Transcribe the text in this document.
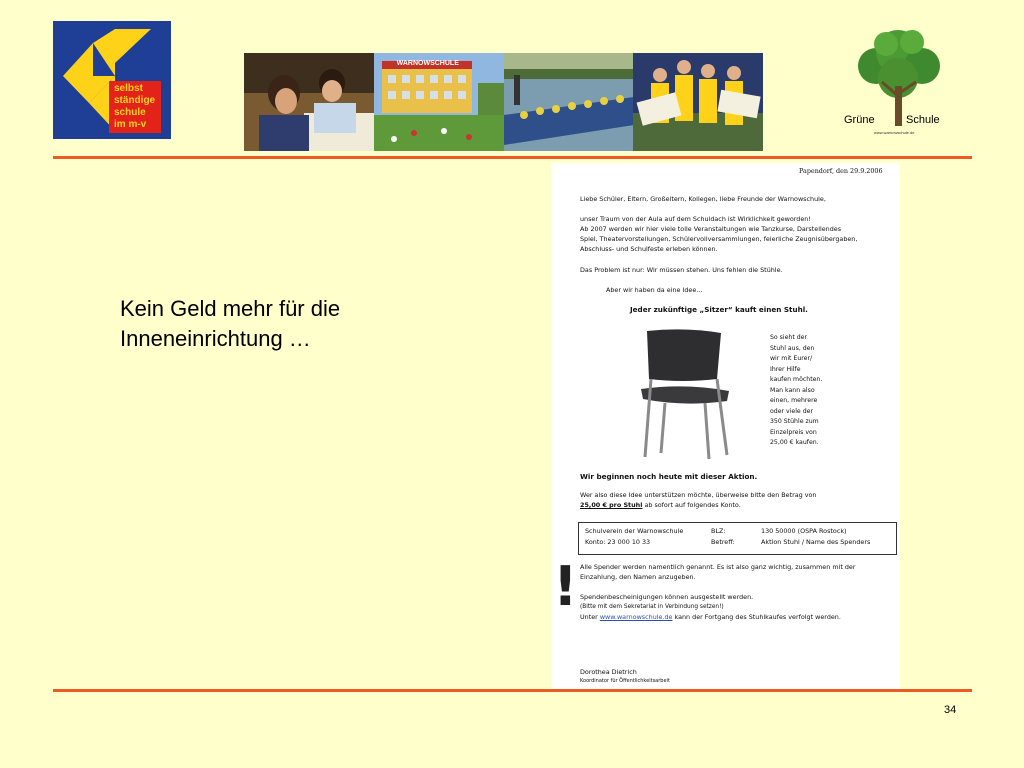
selbst
ständige
schule
im m-v
WARNOWSCHULE
Grüne	Schule
www.warnowschule.de
Kein Geld mehr für die
Inneneinrichtung …
Papendorf, den 29.9.2006
Liebe Schüler, Eltern, Großeltern, Kollegen, liebe Freunde der Warnowschule,
unser Traum von der Aula auf dem Schuldach ist Wirklichkeit geworden!
Ab 2007 werden wir hier viele tolle Veranstaltungen wie Tanzkurse, Darstellendes
Spiel, Theatervorstellungen, Schülervollversammlungen, feierliche Zeugnisübergaben,
Abschluss- und Schulfeste erleben können.
Das Problem ist nur: Wir müssen stehen. Uns fehlen die Stühle.
Aber wir haben da eine Idee…
Jeder zukünftige „Sitzer“ kauft einen Stuhl.
So sieht der
Stuhl aus, den
wir mit Eurer/
Ihrer Hilfe
kaufen möchten.
Man kann also
einen, mehrere
oder viele der
350 Stühle zum
Einzelpreis von
25,00 € kaufen.
Wir beginnen noch heute mit dieser Aktion.
Wer also diese Idee unterstützen möchte, überweise bitte den Betrag von
25,00 € pro Stuhl ab sofort auf folgendes Konto.
Schulverein der Warnowschule
Konto: 23 000 10 33
BLZ:
Betreff:
130 50000 (OSPA Rostock)
Aktion Stuhl / Name des Spenders
! Alle Spender werden namentlich genannt. Es ist also ganz wichtig, zusammen mit der
Einzahlung, den Namen anzugeben.
Spendenbescheinigungen können ausgestellt werden.
(Bitte mit dem Sekretariat in Verbindung setzen!)
Unter www.warnowschule.de kann der Fortgang des Stuhlkaufes verfolgt werden.
Dorothea Dietrich
Koordinator für Öffentlichkeitsarbeit
34
